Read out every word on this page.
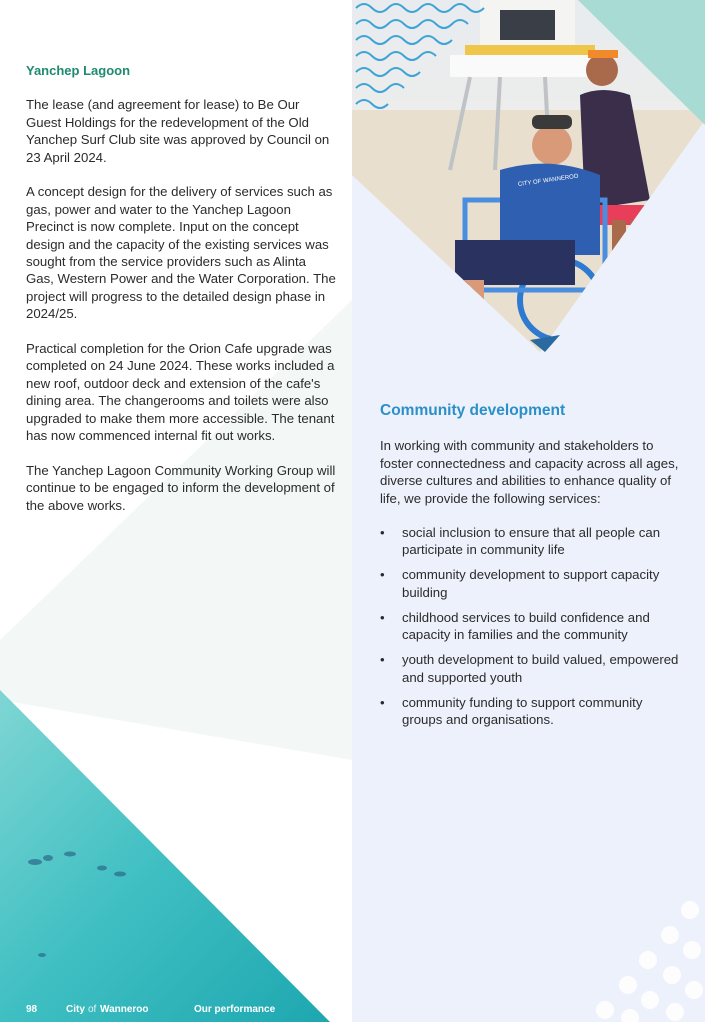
CITY OF WANNEROO
Yanchep Lagoon

The lease (and agreement for lease) to Be Our Guest Holdings for the redevelopment of the Old Yanchep Surf Club site was approved by Council on 23 April 2024.

A concept design for the delivery of services such as gas, power and water to the Yanchep Lagoon Precinct is now complete. Input on the concept design and the capacity of the existing services was sought from the service providers such as Alinta Gas, Western Power and the Water Corporation. The project will progress to the detailed design phase in 2024/25.

Practical completion for the Orion Cafe upgrade was completed on 24 June 2024. These works included a new roof, outdoor deck and extension of the cafe's dining area. The changerooms and toilets were also upgraded to make them more accessible. The tenant has now commenced internal fit out works.

The Yanchep Lagoon Community Working Group will continue to be engaged to inform the development of the above works.

Community development

In working with community and stakeholders to foster connectedness and capacity across all ages, diverse cultures and abilities to enhance quality of life, we provide the following services:

•	social inclusion to ensure that all people can participate in community life
•	community development to support capacity building
•	childhood services to build confidence and capacity in families and the community
•	youth development to build valued, empowered and supported youth
•	community funding to support community groups and organisations.
98	City of Wanneroo	Our performance
